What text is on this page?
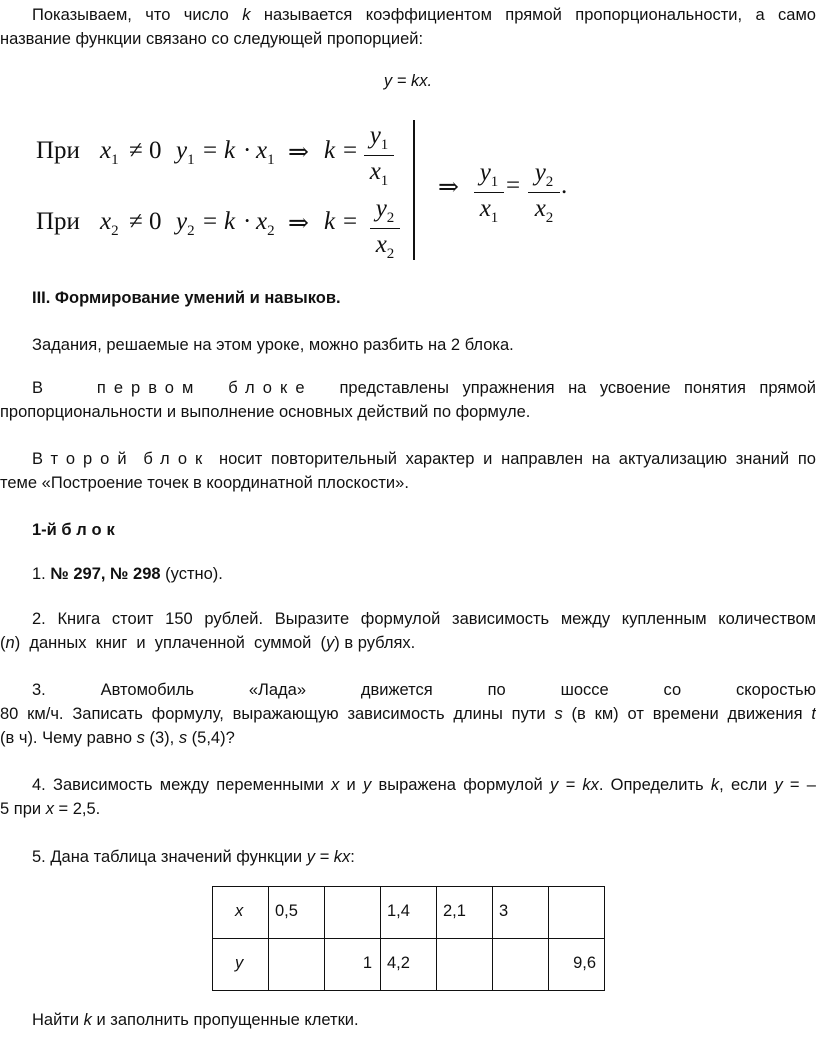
Показываем, что число k называется коэффициентом прямой пропорциональности, а само
название функции связано со следующей пропорцией:
y = kx.
При $x_1 \ne 0$ $y_1 = k \cdot x_1$ ⇒ k =
$y_1$
$x_1$
При $x_2 \ne 0$ $y_2 = k \cdot x_2$ ⇒ $k = y_2$
$x_2$
⇒
$y_1$
$x_1$
= $y_2$
$x_2$
.
III. Формирование умений и навыков.
Задания, решаемые на этом уроке, можно разбить на 2 блока.
В	первом блоке представлены упражнения на усвоение понятия прямой
пропорциональности и выполнение основных действий по формуле.
Второй блок носит повторительный характер и направлен на актуализацию знаний по
теме «Построение точек в координатной плоскости».
1-й блок
1. № 297, № 298 (устно).
2. Книга стоит 150 рублей. Выразите формулой зависимость между купленным количеством
(n)  данных  книг  и  уплаченной  суммой  (y) в рублях.
3.	Автомобиль	«Лада»	движется	по	шоссе	со	скоростью
80 км/ч. Записать формулу, выражающую зависимость длины пути s (в км) от времени движения t
(в ч). Чему равно s (3), s (5,4)?
4. Зависимость между переменными x и y выражена формулой y = kx. Определить k, если y = –
5 при x = 2,5.
5. Дана таблица значений функции y = kx:
x	0,5		1,4	2,1	3	
y		1	4,2			9,6
Найти k и заполнить пропущенные клетки.
